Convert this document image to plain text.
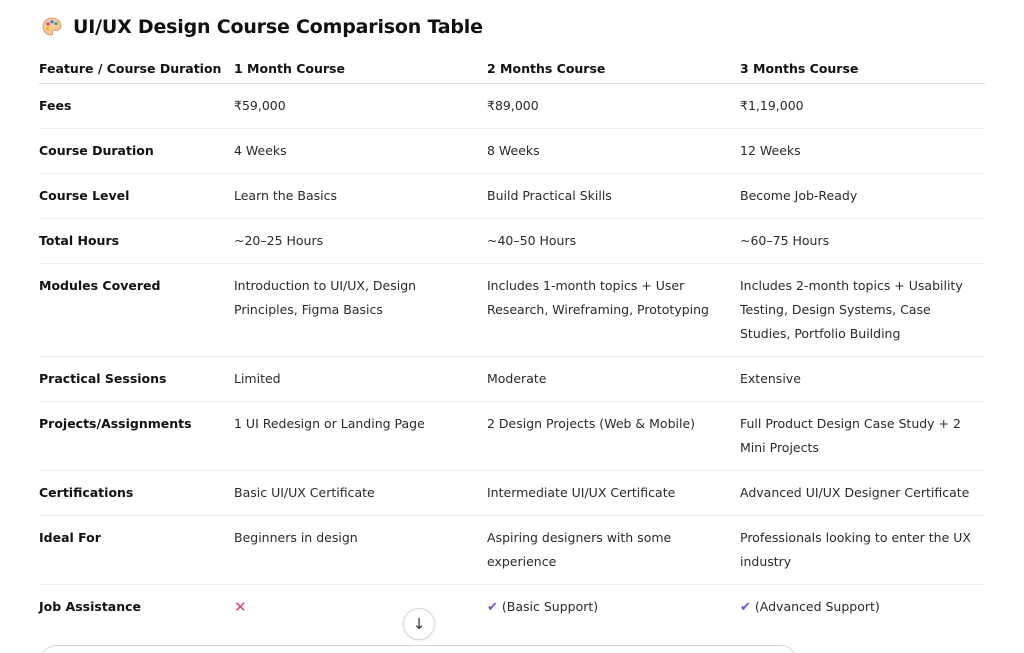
UI/UX Design Course Comparison Table
Feature / Course Duration	1 Month Course	2 Months Course	3 Months Course
Fees	₹59,000	₹89,000	₹1,19,000
Course Duration	4 Weeks	8 Weeks	12 Weeks
Course Level	Learn the Basics	Build Practical Skills	Become Job-Ready
Total Hours	~20–25 Hours	~40–50 Hours	~60–75 Hours
Modules Covered	Introduction to UI/UX, Design Principles, Figma Basics	Includes 1-month topics + User Research, Wireframing, Prototyping	Includes 2-month topics + Usability Testing, Design Systems, Case Studies, Portfolio Building
Practical Sessions	Limited	Moderate	Extensive
Projects/Assignments	1 UI Redesign or Landing Page	2 Design Projects (Web & Mobile)	Full Product Design Case Study + 2 Mini Projects
Certifications	Basic UI/UX Certificate	Intermediate UI/UX Certificate	Advanced UI/UX Designer Certificate
Ideal For	Beginners in design	Aspiring designers with some experience	Professionals looking to enter the UX industry
Job Assistance	✕	✔ (Basic Support)	✔ (Advanced Support)
↓
